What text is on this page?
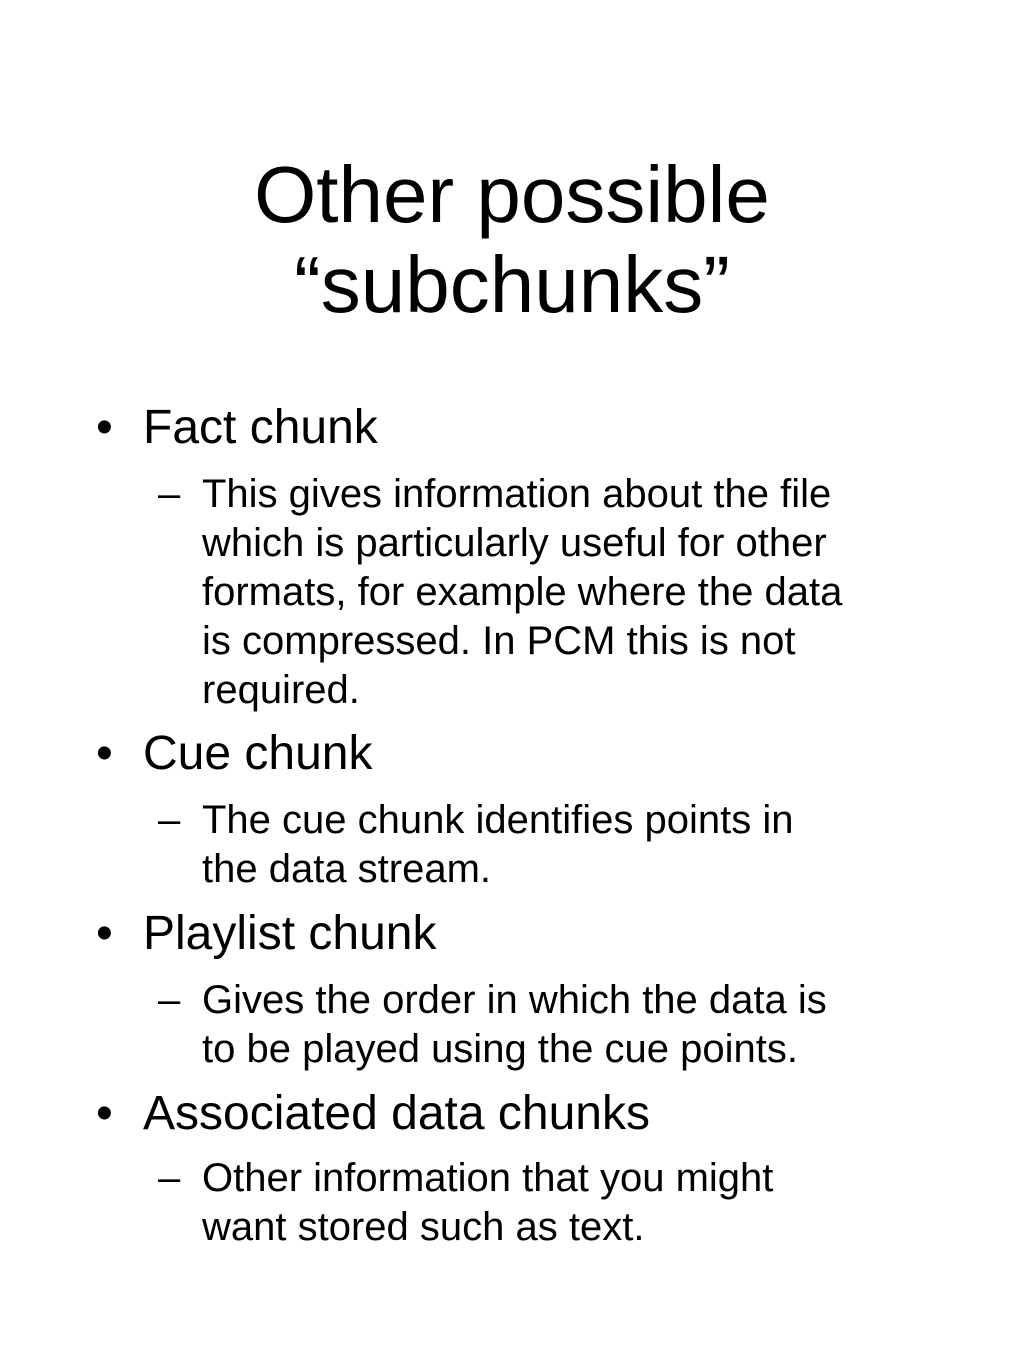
Other possible
“subchunks”
• Fact chunk
– This gives information about the file
which is particularly useful for other
formats, for example where the data
is compressed. In PCM this is not
required.
• Cue chunk
– The cue chunk identifies points in
the data stream.
• Playlist chunk
– Gives the order in which the data is
to be played using the cue points.
• Associated data chunks
– Other information that you might
want stored such as text.
